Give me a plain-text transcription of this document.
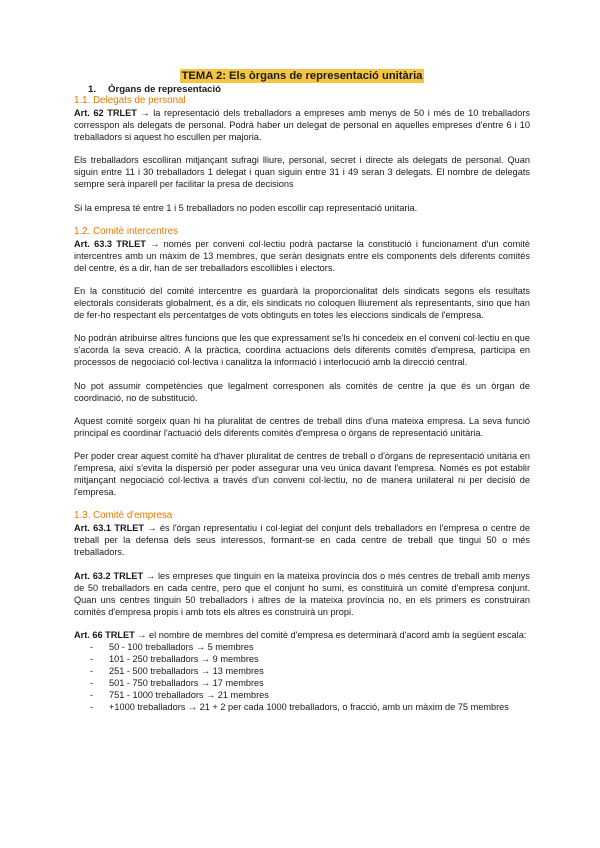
TEMA 2: Els òrgans de representació unitària
1. Òrgans de representació
1.1. Delegats de personal

Art. 62 TRLET → la representació dels treballadors a empreses amb menys de 50 i més de 10 treballadors corresspon als delegats de personal. Podrà haber un delegat de personal en aquelles empreses d'entre 6 i 10 treballadors si aquest ho escullen per majoria.

Els treballadors escolliran mitjançant sufragi lliure, personal, secret i directe als delegats de personal. Quan siguin entre 11 i 30 treballadors 1 delegat i quan siguin entre 31 i 49 seran 3 delegats. El nombre de delegats sempre serà inparell per facilitar la presa de decisions

Si la empresa té entre 1 i 5 treballadors no poden escollir cap representació unitaria.

1.2. Comitè intercentres

Art. 63.3 TRLET → només per conveni col·lectiu podrà pactarse la constitució i funcionament d'un comitè intercentres amb un màxim de 13 membres, que seràn designats entre els components dels diferents comités del centre, és a dir, han de ser treballadors escollibles i electors.

En la constitució del comité intercentre es guardarà la proporcionalitat dels sindicats segons els resultats electorals considerats globalment, és a dir, els sindicats no coloquen lliurement als representants, sino que han de fer-ho respectant els percentatges de vots obtinguts en totes les eleccions sindicals de l'empresa.

No podrán atribuirse altres funcions que les que expressament se'ls hi concedeix en el conveni col·lectiu en que s'acorda la seva creació. A la pràctica, coordina actuacions dels diferents comitès d'empresa, participa en processos de negociació col·lectiva i canalitza la informació i interlocució amb la direcció central.

No pot assumir competències que legalment corresponen als comitès de centre ja que és un òrgan de coordinació, no de substitució.

Aquest comitè sorgeix quan hi ha pluralitat de centres de treball dins d'una mateixa empresa. La seva funció principal es coordinar l'actuació dels diferents comitès d'empresa o òrgans de representació unitària.

Per poder crear aquest comitè ha d'haver pluralitat de centres de treball o d'òrgans de representació unitària en l'empresa, així s'evita la dispersió per poder assegurar una veu única davant l'empresa. Només es pot establir mitjançant negociació col·lectiva a través d'un conveni col·lectiu, no de manera unilateral ni per decisió de l'empresa.

1.3. Comitè d'empresa

Art. 63.1 TRLET → és l'òrgan representatiu i col·legiat del conjunt dels treballadors en l'empresa o centre de treball per la defensa dels seus interessos, formant-se en cada centre de treball que tingui 50 o més treballadors.

Art. 63.2 TRLET → les empreses que tinguin en la mateixa província dos o més centres de treball amb menys de 50 treballadors en cada centre, pero que el conjunt ho sumi, es constituirà un comité d'empresa conjunt. Quan uns centres tinguin 50 treballadors i altres de la mateixa província no, en els primers es construiran comitès d'empresa propis i amb tots els altres es construirà un propi.

Art. 66 TRLET → el nombre de membres del comitè d'empresa es determinarà d'acord amb la següent escala:

- 50 - 100 treballadors → 5 membres
- 101 - 250 treballadors → 9 membres
- 251 - 500 treballadors → 13 membres
- 501 - 750 treballadors → 17 membres
- 751 - 1000 treballadors → 21 membres
- +1000 treballadors → 21 + 2 per cada 1000 treballadors, o fracció, amb un màxim de 75 membres
